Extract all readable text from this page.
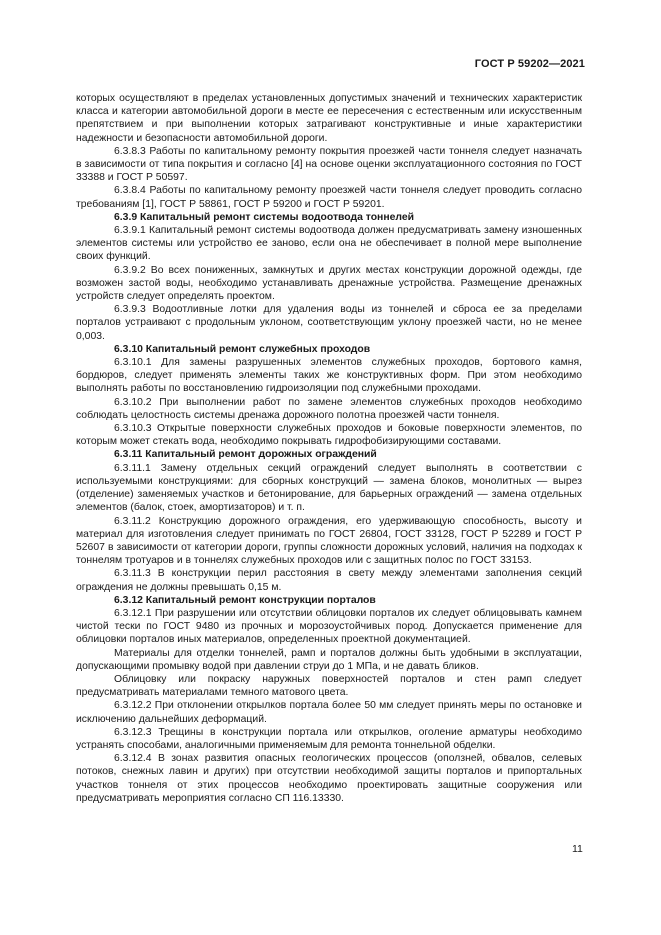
ГОСТ Р 59202—2021

которых осуществляют в пределах установленных допустимых значений и технических характеристик класса и категории автомобильной дороги в месте ее пересечения с естественным или искусственным препятствием и при выполнении которых затрагивают конструктивные и иные характеристики надежности и безопасности автомобильной дороги.

6.3.8.3 Работы по капитальному ремонту покрытия проезжей части тоннеля следует назначать в зависимости от типа покрытия и согласно [4] на основе оценки эксплуатационного состояния по ГОСТ 33388 и ГОСТ Р 50597.

6.3.8.4 Работы по капитальному ремонту проезжей части тоннеля следует проводить согласно требованиям [1], ГОСТ Р 58861, ГОСТ Р 59200 и ГОСТ Р 59201.

6.3.9 Капитальный ремонт системы водоотвода тоннелей

6.3.9.1 Капитальный ремонт системы водоотвода должен предусматривать замену изношенных элементов системы или устройство ее заново, если она не обеспечивает в полной мере выполнение своих функций.

6.3.9.2 Во всех пониженных, замкнутых и других местах конструкции дорожной одежды, где возможен застой воды, необходимо устанавливать дренажные устройства. Размещение дренажных устройств следует определять проектом.

6.3.9.3 Водоотливные лотки для удаления воды из тоннелей и сброса ее за пределами порталов устраивают с продольным уклоном, соответствующим уклону проезжей части, но не менее 0,003.

6.3.10 Капитальный ремонт служебных проходов

6.3.10.1 Для замены разрушенных элементов служебных проходов, бортового камня, бордюров, следует применять элементы таких же конструктивных форм. При этом необходимо выполнять работы по восстановлению гидроизоляции под служебными проходами.

6.3.10.2 При выполнении работ по замене элементов служебных проходов необходимо соблюдать целостность системы дренажа дорожного полотна проезжей части тоннеля.

6.3.10.3 Открытые поверхности служебных проходов и боковые поверхности элементов, по которым может стекать вода, необходимо покрывать гидрофобизирующими составами.

6.3.11 Капитальный ремонт дорожных ограждений

6.3.11.1 Замену отдельных секций ограждений следует выполнять в соответствии с используемыми конструкциями: для сборных конструкций — замена блоков, монолитных — вырез (отделение) заменяемых участков и бетонирование, для барьерных ограждений — замена отдельных элементов (балок, стоек, амортизаторов) и т. п.

6.3.11.2 Конструкцию дорожного ограждения, его удерживающую способность, высоту и материал для изготовления следует принимать по ГОСТ 26804, ГОСТ 33128, ГОСТ Р 52289 и ГОСТ Р 52607 в зависимости от категории дороги, группы сложности дорожных условий, наличия на подходах к тоннелям тротуаров и в тоннелях служебных проходов или с защитных полос по ГОСТ 33153.

6.3.11.3 В конструкции перил расстояния в свету между элементами заполнения секций ограждения не должны превышать 0,15 м.

6.3.12 Капитальный ремонт конструкции порталов

6.3.12.1 При разрушении или отсутствии облицовки порталов их следует облицовывать камнем чистой тески по ГОСТ 9480 из прочных и морозоустойчивых пород. Допускается применение для облицовки порталов иных материалов, определенных проектной документацией.

Материалы для отделки тоннелей, рамп и порталов должны быть удобными в эксплуатации, допускающими промывку водой при давлении струи до 1 МПа, и не давать бликов.

Облицовку или покраску наружных поверхностей порталов и стен рамп следует предусматривать материалами темного матового цвета.

6.3.12.2 При отклонении открылков портала более 50 мм следует принять меры по остановке и исключению дальнейших деформаций.

6.3.12.3 Трещины в конструкции портала или открылков, оголение арматуры необходимо устранять способами, аналогичными применяемым для ремонта тоннельной обделки.

6.3.12.4 В зонах развития опасных геологических процессов (оползней, обвалов, селевых потоков, снежных лавин и других) при отсутствии необходимой защиты порталов и припортальных участков тоннеля от этих процессов необходимо проектировать защитные сооружения или предусматривать мероприятия согласно СП 116.13330.

11
